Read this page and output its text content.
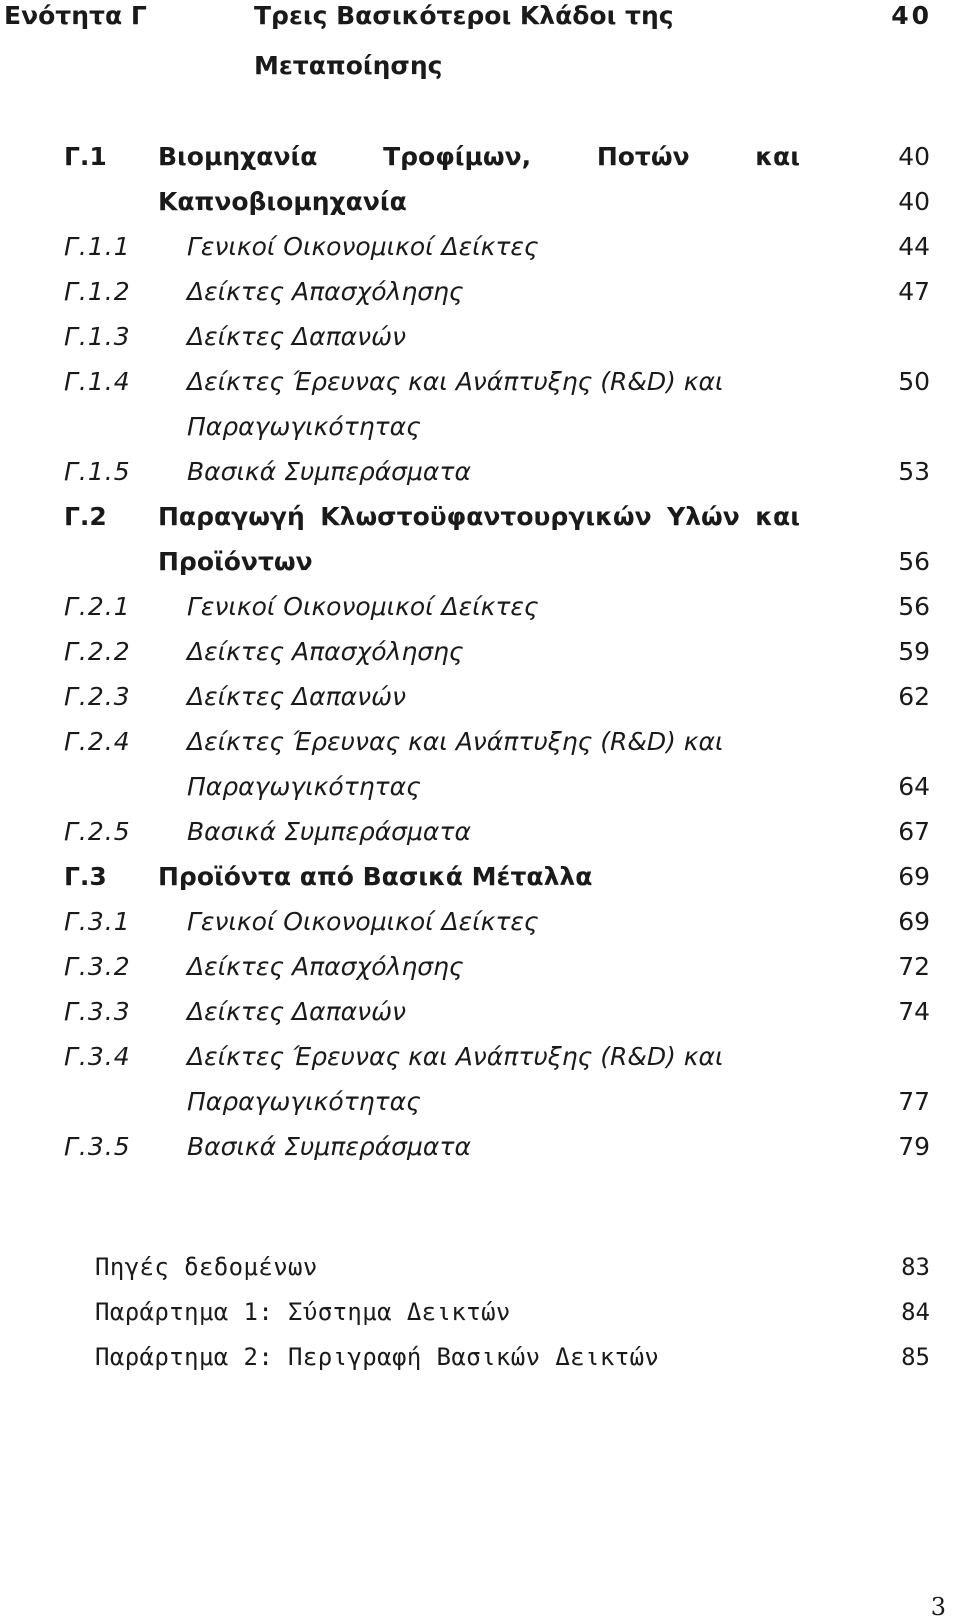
Ενότητα Γ	Τρεις Βασικότεροι Κλάδοι της	40
Μεταποίησης
Γ.1 Βιομηχανία	Τροφίμων,	Ποτών	και	40
Καπνοβιομηχανία	40
Γ.1.1 Γενικοί Οικονομικοί Δείκτες	44
Γ.1.2 Δείκτες Απασχόλησης	47
Γ.1.3 Δείκτες Δαπανών
Γ.1.4 Δείκτες Έρευνας και Ανάπτυξης (R&D) και	50
Παραγωγικότητας
Γ.1.5 Βασικά Συμπεράσματα	53
Γ.2 Παραγωγή Κλωστοϋφαντουργικών Υλών και
Προϊόντων	56
Γ.2.1 Γενικοί Οικονομικοί Δείκτες	56
Γ.2.2 Δείκτες Απασχόλησης	59
Γ.2.3 Δείκτες Δαπανών	62
Γ.2.4 Δείκτες Έρευνας και Ανάπτυξης (R&D) και
Παραγωγικότητας	64
Γ.2.5 Βασικά Συμπεράσματα	67
Γ.3 Προϊόντα από Βασικά Μέταλλα	69
Γ.3.1 Γενικοί Οικονομικοί Δείκτες	69
Γ.3.2 Δείκτες Απασχόλησης	72
Γ.3.3 Δείκτες Δαπανών	74
Γ.3.4 Δείκτες Έρευνας και Ανάπτυξης (R&D) και
Παραγωγικότητας	77
Γ.3.5 Βασικά Συμπεράσματα	79
Πηγές δεδομένων	83
Παράρτημα 1: Σύστημα Δεικτών	84
Παράρτημα 2: Περιγραφή Βασικών Δεικτών	85
3
